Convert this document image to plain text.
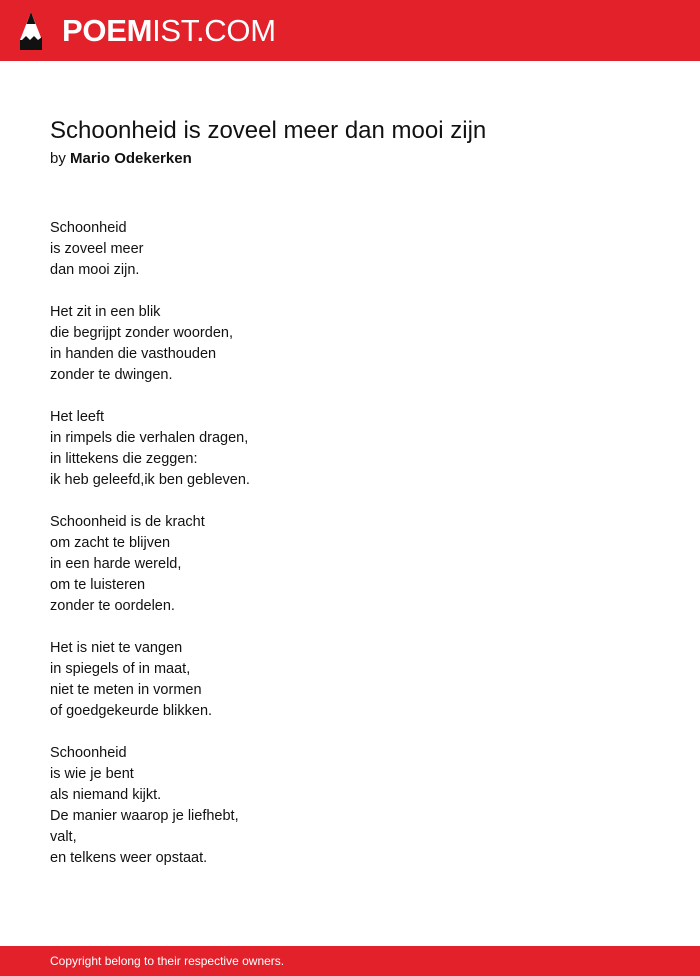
POEMIST.COM
Schoonheid is zoveel meer dan mooi zijn
by Mario Odekerken
Schoonheid
is zoveel meer
dan mooi zijn.
Het zit in een blik
die begrijpt zonder woorden,
in handen die vasthouden
zonder te dwingen.
Het leeft
in rimpels die verhalen dragen,
in littekens die zeggen:
ik heb geleefd,ik ben gebleven.
Schoonheid is de kracht
om zacht te blijven
in een harde wereld,
om te luisteren
zonder te oordelen.
Het is niet te vangen
in spiegels of in maat,
niet te meten in vormen
of goedgekeurde blikken.
Schoonheid
is wie je bent
als niemand kijkt.
De manier waarop je liefhebt,
valt,
en telkens weer opstaat.
Copyright belong to their respective owners.
